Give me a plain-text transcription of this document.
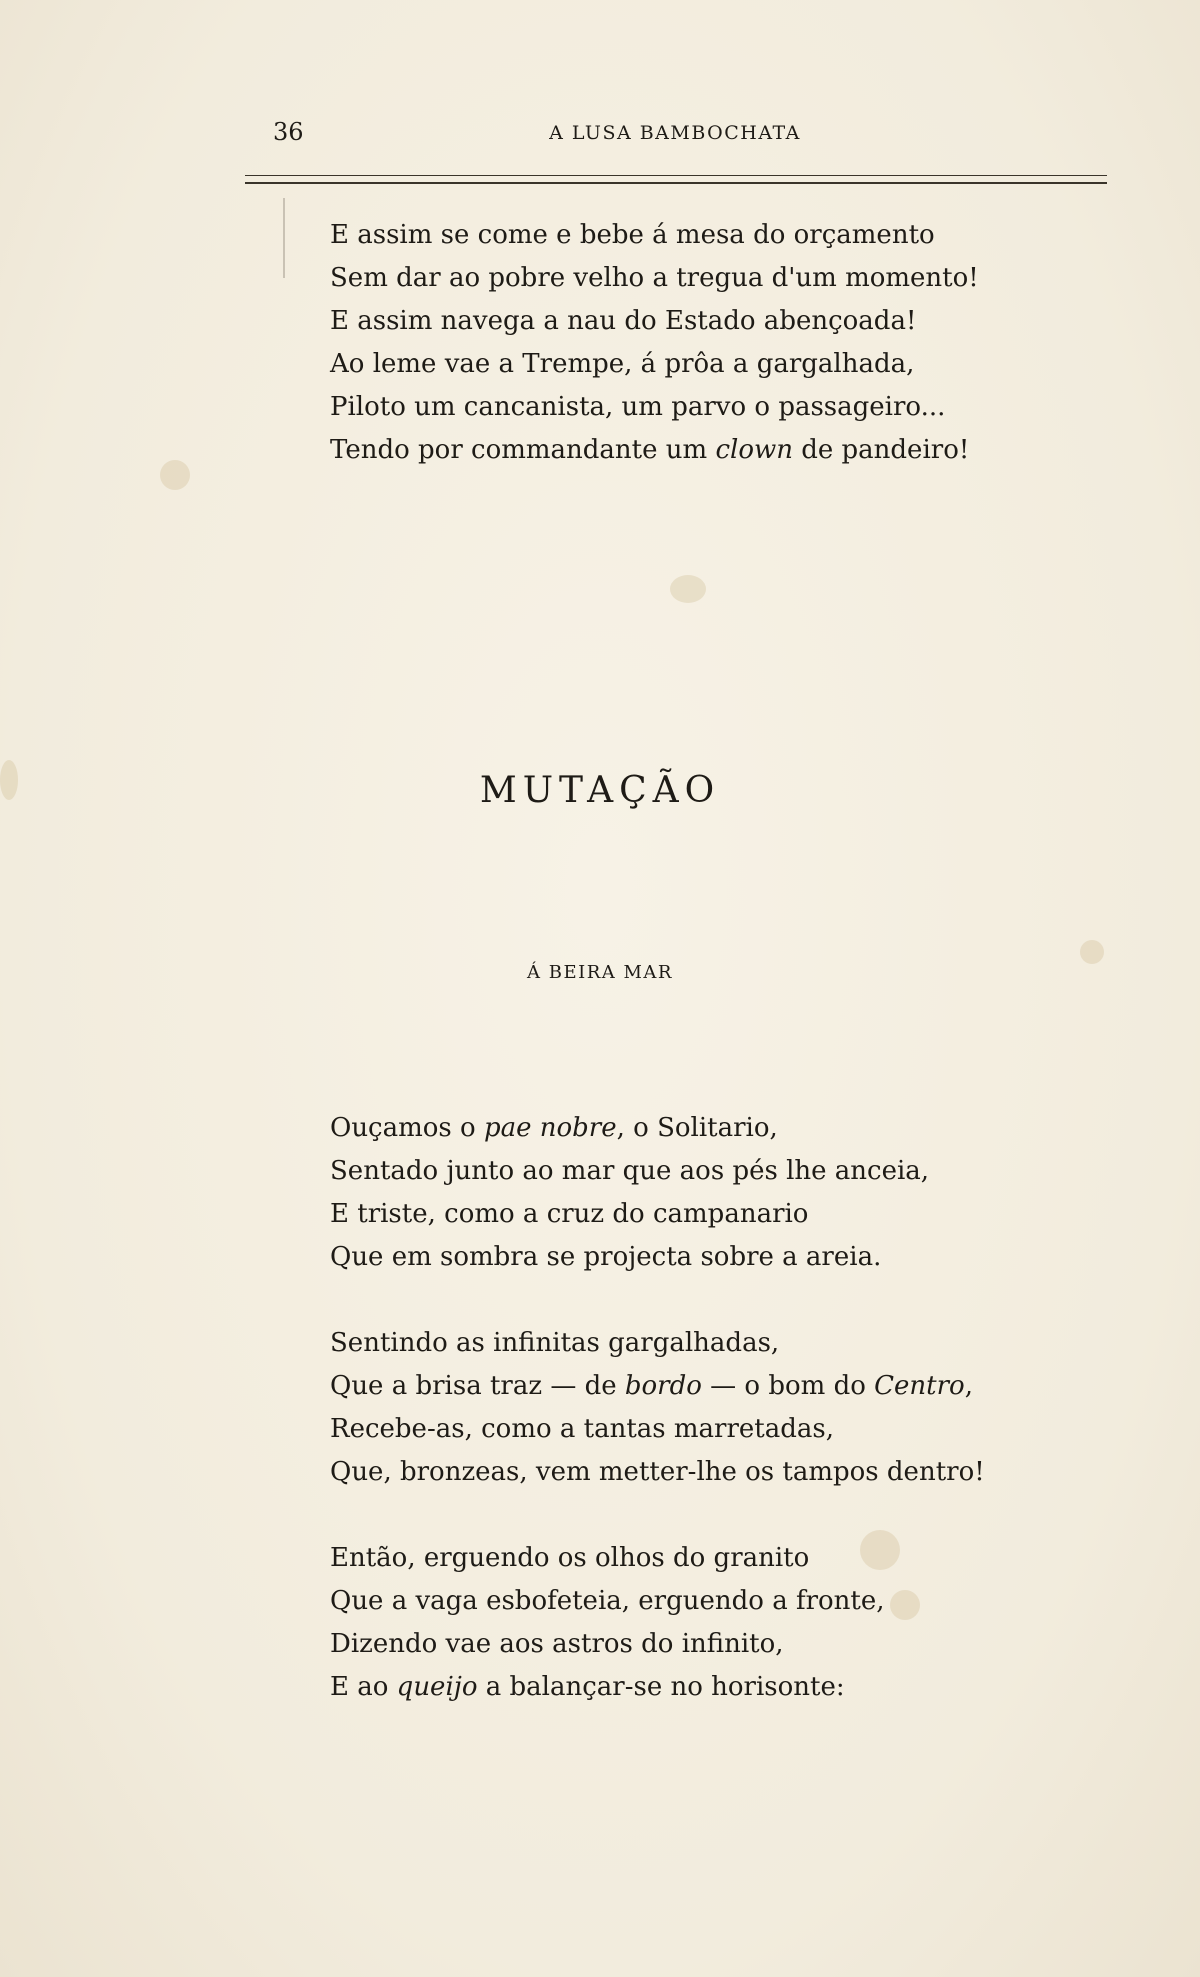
36	A LUSA BAMBOCHATA
E assim se come e bebe á mesa do orçamento
Sem dar ao pobre velho a tregua d'um momento!
E assim navega a nau do Estado abençoada!
Ao leme vae a Trempe, á prôa a gargalhada,
Piloto um cancanista, um parvo o passageiro...
Tendo por commandante um clown de pandeiro!
MUTAÇÃO
Á BEIRA MAR
Ouçamos o pae nobre, o Solitario,
Sentado junto ao mar que aos pés lhe anceia,
E triste, como a cruz do campanario
Que em sombra se projecta sobre a areia.
Sentindo as infinitas gargalhadas,
Que a brisa traz — de bordo — o bom do Centro,
Recebe-as, como a tantas marretadas,
Que, bronzeas, vem metter-lhe os tampos dentro!
Então, erguendo os olhos do granito
Que a vaga esbofeteia, erguendo a fronte,
Dizendo vae aos astros do infinito,
E ao queijo a balançar-se no horisonte:
